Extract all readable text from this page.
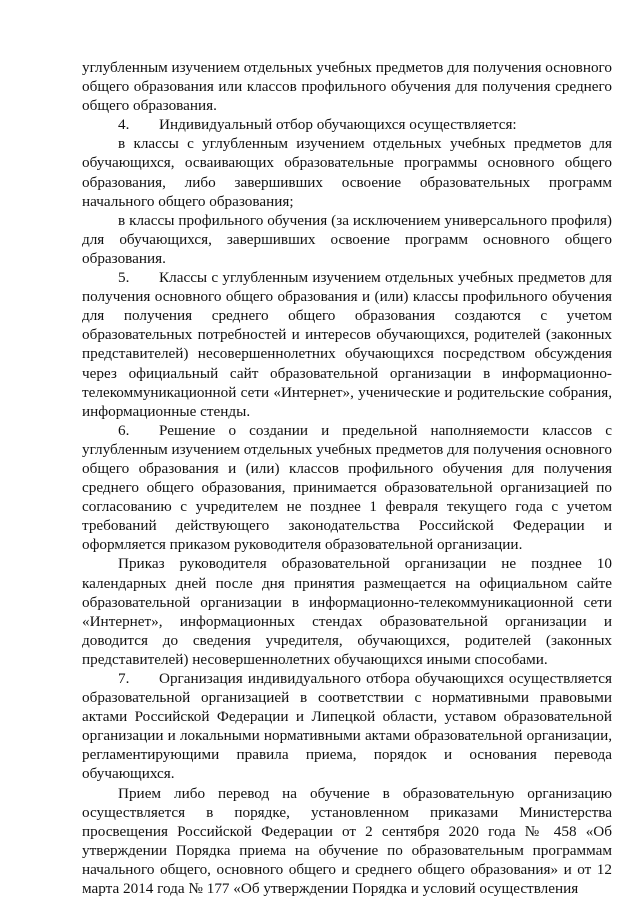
углубленным изучением отдельных учебных предметов для получения основного общего образования или классов профильного обучения для получения среднего общего образования.

4. Индивидуальный отбор обучающихся осуществляется:

в классы с углубленным изучением отдельных учебных предметов для обучающихся, осваивающих образовательные программы основного общего образования, либо завершивших освоение образовательных программ начального общего образования;

в классы профильного обучения (за исключением универсального профиля) для обучающихся, завершивших освоение программ основного общего образования.

5. Классы с углубленным изучением отдельных учебных предметов для получения основного общего образования и (или) классы профильного обучения для получения среднего общего образования создаются с учетом образовательных потребностей и интересов обучающихся, родителей (законных представителей) несовершеннолетних обучающихся посредством обсуждения через официальный сайт образовательной организации в информационно-телекоммуникационной сети «Интернет», ученические и родительские собрания, информационные стенды.

6. Решение о создании и предельной наполняемости классов с углубленным изучением отдельных учебных предметов для получения основного общего образования и (или) классов профильного обучения для получения среднего общего образования, принимается образовательной организацией по согласованию с учредителем не позднее 1 февраля текущего года с учетом требований действующего законодательства Российской Федерации и оформляется приказом руководителя образовательной организации.

Приказ руководителя образовательной организации не позднее 10 календарных дней после дня принятия размещается на официальном сайте образовательной организации в информационно-телекоммуникационной сети «Интернет», информационных стендах образовательной организации и доводится до сведения учредителя, обучающихся, родителей (законных представителей) несовершеннолетних обучающихся иными способами.

7. Организация индивидуального отбора обучающихся осуществляется образовательной организацией в соответствии с нормативными правовыми актами Российской Федерации и Липецкой области, уставом образовательной организации и локальными нормативными актами образовательной организации, регламентирующими правила приема, порядок и основания перевода обучающихся.

Прием либо перевод на обучение в образовательную организацию осуществляется в порядке, установленном приказами Министерства просвещения Российской Федерации от 2 сентября 2020 года № 458 «Об утверждении Порядка приема на обучение по образовательным программам начального общего, основного общего и среднего общего образования» и от 12 марта 2014 года № 177 «Об утверждении Порядка и условий осуществления
